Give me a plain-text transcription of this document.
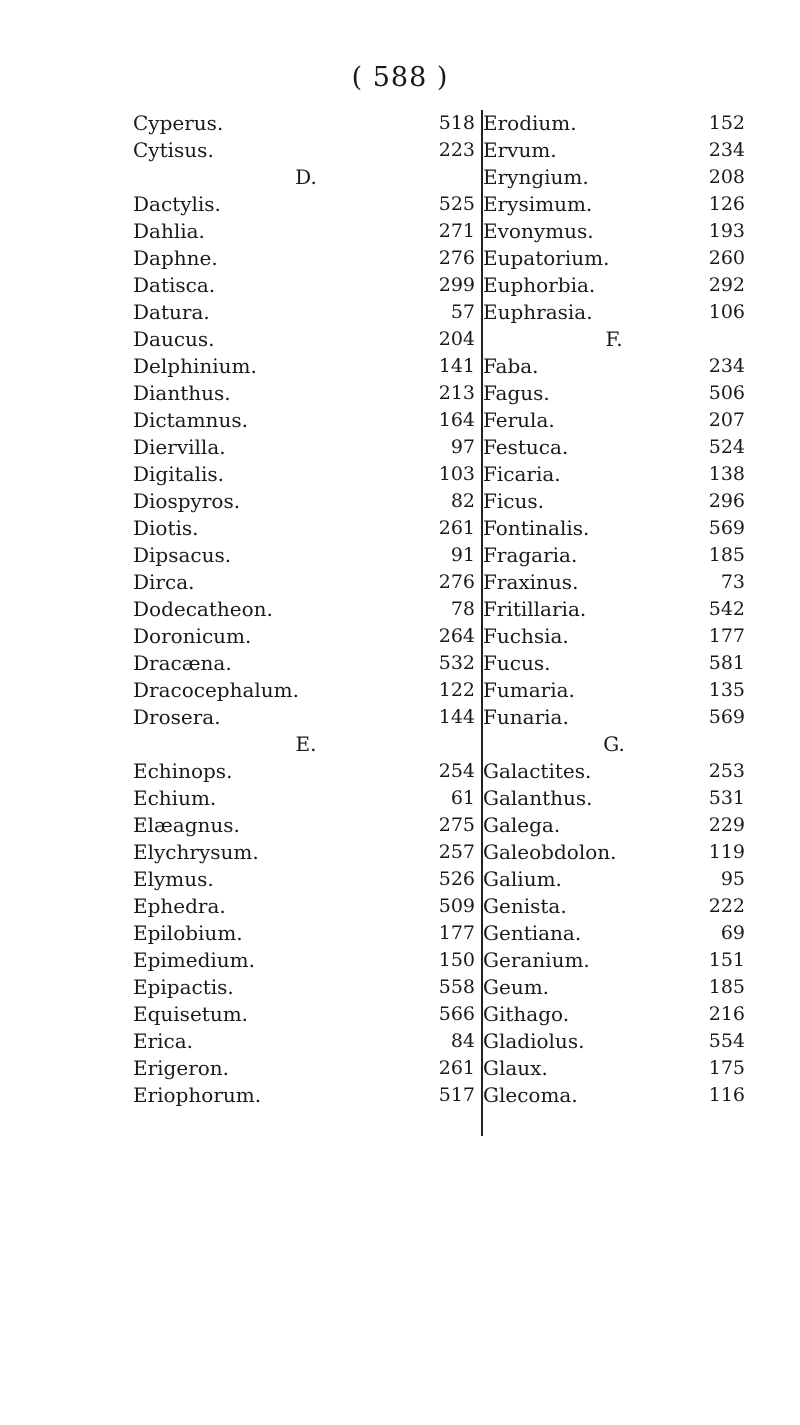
( 588 )
Cyperus.	518
Cytisus.	223
D.
Dactylis.	525
Dahlia.	271
Daphne.	276
Datisca.	299
Datura.	57
Daucus.	204
Delphinium.	141
Dianthus.	213
Dictamnus.	164
Diervilla.	97
Digitalis.	103
Diospyros.	82
Diotis.	261
Dipsacus.	91
Dirca.	276
Dodecatheon.	78
Doronicum.	264
Dracæna.	532
Dracocephalum.	122
Drosera.	144
E.
Echinops.	254
Echium.	61
Elæagnus.	275
Elychrysum.	257
Elymus.	526
Ephedra.	509
Epilobium.	177
Epimedium.	150
Epipactis.	558
Equisetum.	566
Erica.	84
Erigeron.	261
Eriophorum.	517
Erodium.	152
Ervum.	234
Eryngium.	208
Erysimum.	126
Evonymus.	193
Eupatorium.	260
Euphorbia.	292
Euphrasia.	106
F.
Faba.	234
Fagus.	506
Ferula.	207
Festuca.	524
Ficaria.	138
Ficus.	296
Fontinalis.	569
Fragaria.	185
Fraxinus.	73
Fritillaria.	542
Fuchsia.	177
Fucus.	581
Fumaria.	135
Funaria.	569
G.
Galactites.	253
Galanthus.	531
Galega.	229
Galeobdolon.	119
Galium.	95
Genista.	222
Gentiana.	69
Geranium.	151
Geum.	185
Githago.	216
Gladiolus.	554
Glaux.	175
Glecoma.	116
